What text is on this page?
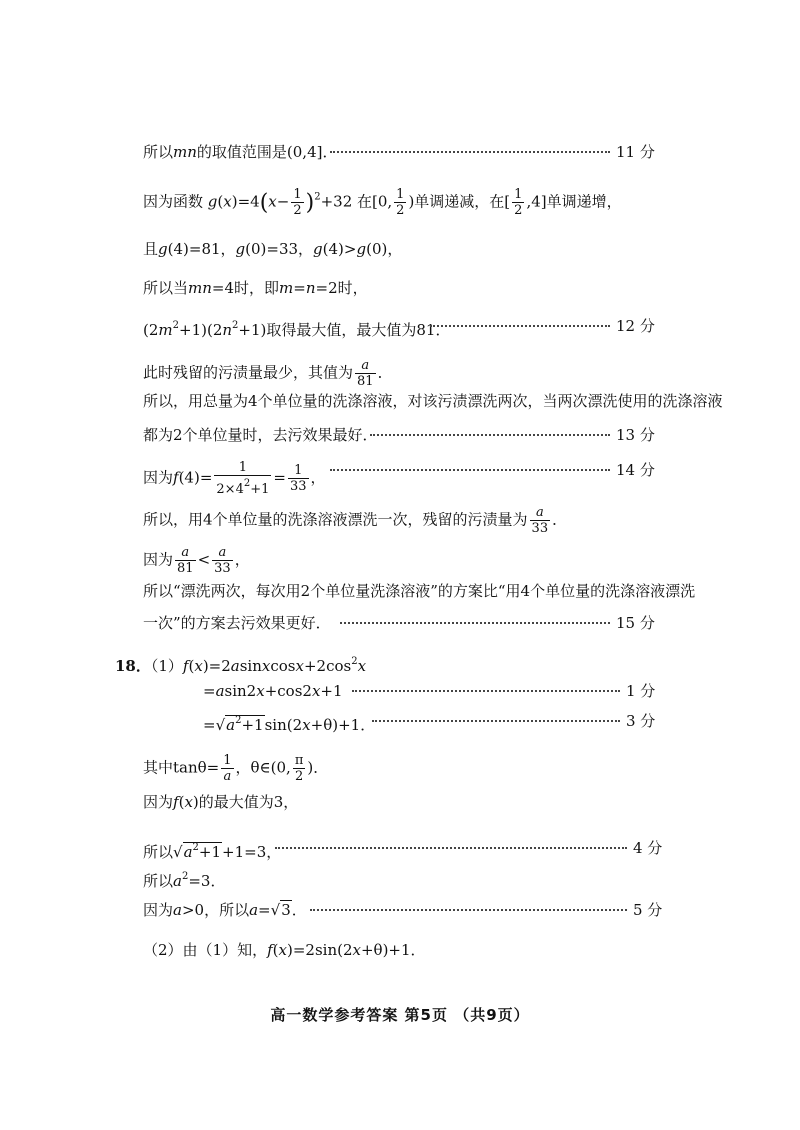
所以mn的取值范围是(0,4]．	11 分
因为函数 $g(x)=4(x- \frac{1}{2} )^2+32$ 在[0, $\frac{1}{2}$ )单调递减，在[ $\frac{1}{2} ,4$]单调递增，
且g(4)=81，g(0)=33，g(4)>g(0)，
所以当mn=4时，即m=n=2时，
$(2m^2+1)(2n^2+1)$取得最大值，最大值为81．	12 分
此时残留的污渍量最少，其值为 $\frac{a}{81}$ ．
所以，用总量为4个单位量的洗涤溶液，对该污渍漂洗两次，当两次漂洗使用的洗涤溶液
都为2个单位量时，去污效果最好．	13 分
因为$f(4)= \frac{1}{2\times 4^2+1} = \frac{1}{33}$ ，	14 分
所以，用4个单位量的洗涤溶液漂洗一次，残留的污渍量为 $\frac{a}{33}$ ．
因为 $\frac{a}{81} < \frac{a}{33}$ ，
所以“漂洗两次，每次用2个单位量洗涤溶液”的方案比“用4个单位量的洗涤溶液漂洗
一次”的方案去污效果更好．	15 分
18．$(1)f(x)=2asinxcosx+2\cos^2x$
=asin2x+cos2x+1	1 分
$=√a^2+1\sin(2x+\theta)+1$．	3 分
其中$\tan\theta= \frac{1}{a}$ ，θ∈(0, $\frac{\pi}{2}$ )．
因为f(x)的最大值为3，
所以$√a^2+1+1=3$，	4 分
所以$a^2=3$．
因为a>0，所以a=√3．	5 分
（2）由（1）知，f(x)=2sin(2x+θ)+1．
高一数学参考答案 第5页 （共9页）
